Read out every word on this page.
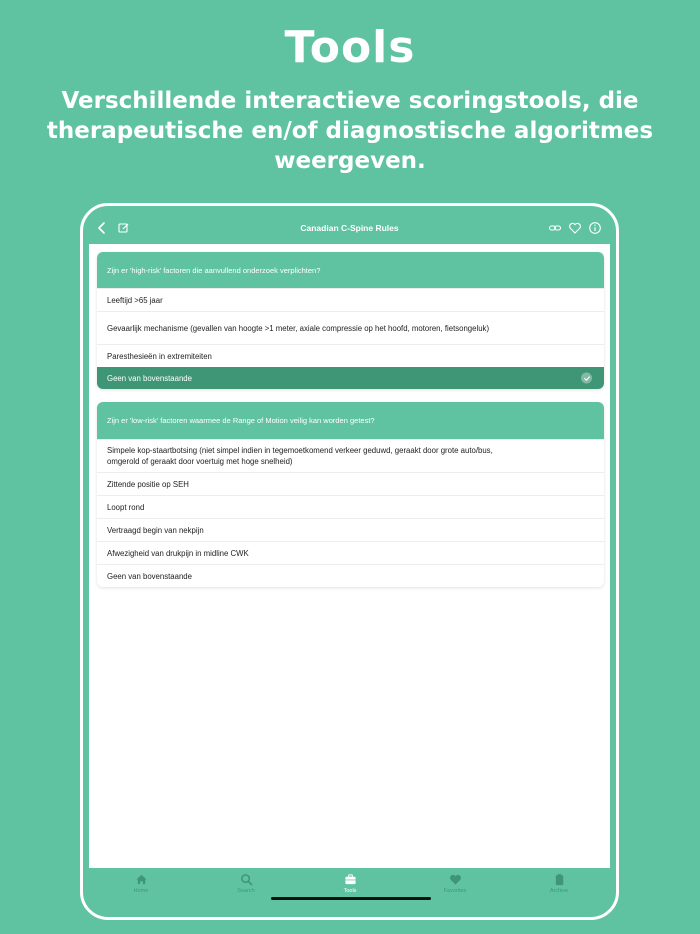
Tools
Verschillende interactieve scoringstools, die therapeutische en/of diagnostische algoritmes weergeven.
Canadian C-Spine Rules
Zijn er 'high-risk' factoren die aanvullend onderzoek verplichten?
Leeftijd >65 jaar
Gevaarlijk mechanisme (gevallen van hoogte >1 meter, axiale compressie op het hoofd, motoren, fietsongeluk)
Paresthesieën in extremiteiten
Geen van bovenstaande
Zijn er 'low-risk' factoren waarmee de Range of Motion veilig kan worden getest?
Simpele kop-staartbotsing (niet simpel indien in tegemoetkomend verkeer geduwd, geraakt door grote auto/bus, omgerold of geraakt door voertuig met hoge snelheid)
Zittende positie op SEH
Loopt rond
Vertraagd begin van nekpijn
Afwezigheid van drukpijn in midline CWK
Geen van bovenstaande
Home	Search	Tools	Favorites	Archive
